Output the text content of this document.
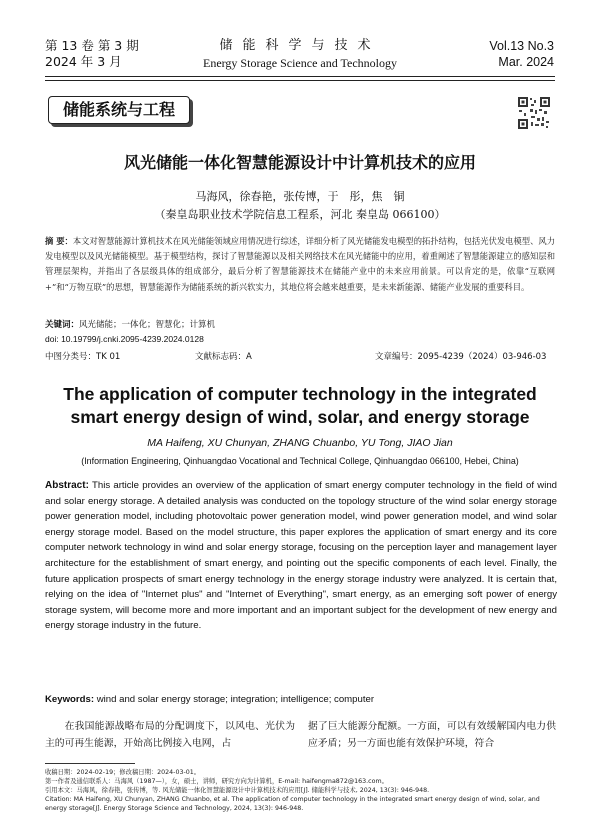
第 13 卷 第 3 期
2024 年 3 月
储能科学与技术
Energy Storage Science and Technology
Vol.13 No.3
Mar. 2024
储能系统与工程
风光储能一体化智慧能源设计中计算机技术的应用
马海风，徐春艳，张传博，于　彤，焦　铜
（秦皇岛职业技术学院信息工程系，河北 秦皇岛 066100）
摘 要：本文对智慧能源计算机技术在风光储能领域应用情况进行综述，详细分析了风光储能发电模型的拓扑结构，包括光伏发电模型、风力发电模型以及风光储能模型。基于模型结构，探讨了智慧能源以及相关网络技术在风光储能中的应用，着重阐述了智慧能源建立的感知层和管理层架构，并指出了各层级具体的组成部分，最后分析了智慧能源技术在储能产业中的未来应用前景。可以肯定的是，依靠“互联网+”和“万物互联”的思想，智慧能源作为储能系统的新兴软实力，其地位将会越来越重要，是未来新能源、储能产业发展的重要科目。
关键词：风光储能；一体化；智慧化；计算机
doi: 10.19799/j.cnki.2095-4239.2024.0128
中图分类号：TK 01	文献标志码：A	文章编号：2095-4239（2024）03-946-03
The application of computer technology in the integrated smart energy design of wind, solar, and energy storage
MA Haifeng, XU Chunyan, ZHANG Chuanbo, YU Tong, JIAO Jian
(Information Engineering, Qinhuangdao Vocational and Technical College, Qinhuangdao 066100, Hebei, China)
Abstract: This article provides an overview of the application of smart energy computer technology in the field of wind and solar energy storage. A detailed analysis was conducted on the topology structure of the wind solar energy storage power generation model, including photovoltaic power generation model, wind power generation model, and wind solar energy storage model. Based on the model structure, this paper explores the application of smart energy and its core computer network technology in wind and solar energy storage, focusing on the perception layer and management layer architecture for the establishment of smart energy, and pointing out the specific components of each level. Finally, the future application prospects of smart energy technology in the energy storage industry were analyzed. It is certain that, relying on the idea of "Internet plus" and "Internet of Everything", smart energy, as an emerging soft power of energy storage system, will become more and more important and an important subject for the development of new energy and energy storage industry in the future.
Keywords: wind and solar energy storage; integration; intelligence; computer
在我国能源战略布局的分配调度下，以风电、光伏为主的可再生能源，开始高比例接入电网，占
据了巨大能源分配额。一方面，可以有效缓解国内电力供应矛盾；另一方面也能有效保护环境，符合
收稿日期：2024-02-19；修改稿日期：2024-03-01。
第一作者及通信联系人：马海风（1987—），女，硕士，讲师，研究方向为计算机，E-mail: haifengma872@163.com。
引用本文：马海风，徐春艳，张传博，等. 风光储能一体化智慧能源设计中计算机技术的应用[J]. 储能科学与技术, 2024, 13(3): 946-948.
Citation: MA Haifeng, XU Chunyan, ZHANG Chuanbo, et al. The application of computer technology in the integrated smart energy design of wind, solar, and energy storage[J]. Energy Storage Science and Technology, 2024, 13(3): 946-948.
